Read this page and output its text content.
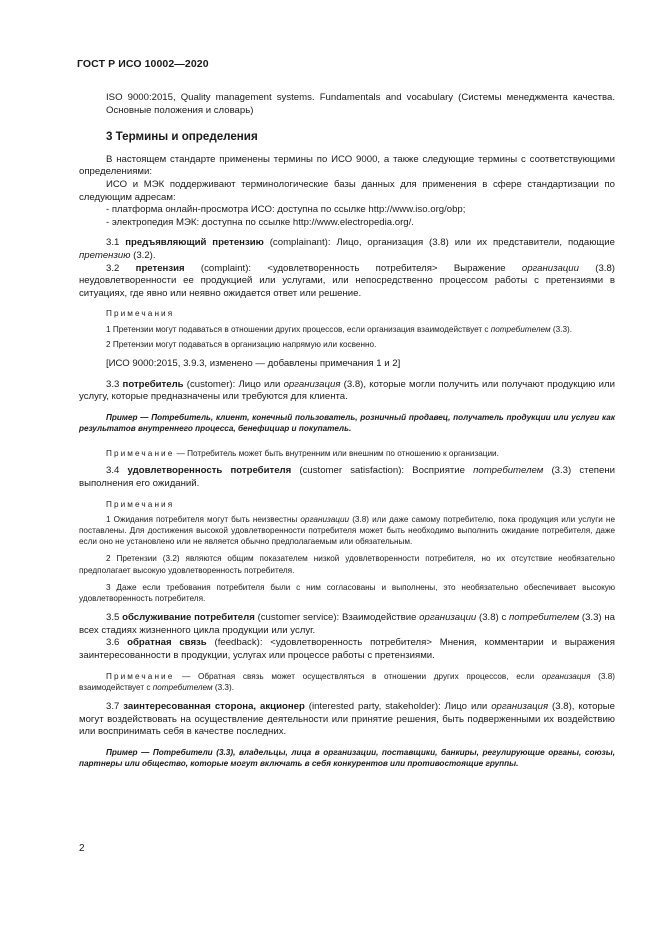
ГОСТ Р ИСО 10002—2020

ISO 9000:2015, Quality management systems. Fundamentals and vocabulary (Системы менеджмента качества. Основные положения и словарь)

3 Термины и определения

В настоящем стандарте применены термины по ИСО 9000, а также следующие термины с соответствующими определениями:

ИСО и МЭК поддерживают терминологические базы данных для применения в сфере стандартизации по следующим адресам:

- платформа онлайн-просмотра ИСО: доступна по ссылке http://www.iso.org/obp;

- электропедия МЭК: доступна по ссылке http://www.electropedia.org/.

3.1 предъявляющий претензию (complainant): Лицо, организация (3.8) или их представители, подающие претензию (3.2).

3.2 претензия (complaint): <удовлетворенность потребителя> Выражение организации (3.8) неудовлетворенности ее продукцией или услугами, или непосредственно процессом работы с претензиями в ситуациях, где явно или неявно ожидается ответ или решение.

Примечания

1 Претензии могут подаваться в отношении других процессов, если организация взаимодействует с потребителем (3.3).

2 Претензии могут подаваться в организацию напрямую или косвенно.

[ИСО 9000:2015, 3.9.3, изменено — добавлены примечания 1 и 2]

3.3 потребитель (customer): Лицо или организация (3.8), которые могли получить или получают продукцию или услугу, которые предназначены или требуются для клиента.

Пример — Потребитель, клиент, конечный пользователь, розничный продавец, получатель продукции или услуги как результатов внутреннего процесса, бенефициар и покупатель.

Примечание — Потребитель может быть внутренним или внешним по отношению к организации.

3.4 удовлетворенность потребителя (customer satisfaction): Восприятие потребителем (3.3) степени выполнения его ожиданий.

Примечания

1 Ожидания потребителя могут быть неизвестны организации (3.8) или даже самому потребителю, пока продукция или услуги не поставлены. Для достижения высокой удовлетворенности потребителя может быть необходимо выполнить ожидание потребителя, даже если оно не установлено или не является обычно предполагаемым или обязательным.

2 Претензии (3.2) являются общим показателем низкой удовлетворенности потребителя, но их отсутствие необязательно предполагает высокую удовлетворенность потребителя.

3 Даже если требования потребителя были с ним согласованы и выполнены, это необязательно обеспечивает высокую удовлетворенность потребителя.

3.5 обслуживание потребителя (customer service): Взаимодействие организации (3.8) с потребителем (3.3) на всех стадиях жизненного цикла продукции или услуг.

3.6 обратная связь (feedback): <удовлетворенность потребителя> Мнения, комментарии и выражения заинтересованности в продукции, услугах или процессе работы с претензиями.

Примечание — Обратная связь может осуществляться в отношении других процессов, если организация (3.8) взаимодействует с потребителем (3.3).

3.7 заинтересованная сторона, акционер (interested party, stakeholder): Лицо или организация (3.8), которые могут воздействовать на осуществление деятельности или принятие решения, быть подверженными их воздействию или воспринимать себя в качестве последних.

Пример — Потребители (3.3), владельцы, лица в организации, поставщики, банкиры, регулирующие органы, союзы, партнеры или общество, которые могут включать в себя конкурентов или противостоящие группы.

2
